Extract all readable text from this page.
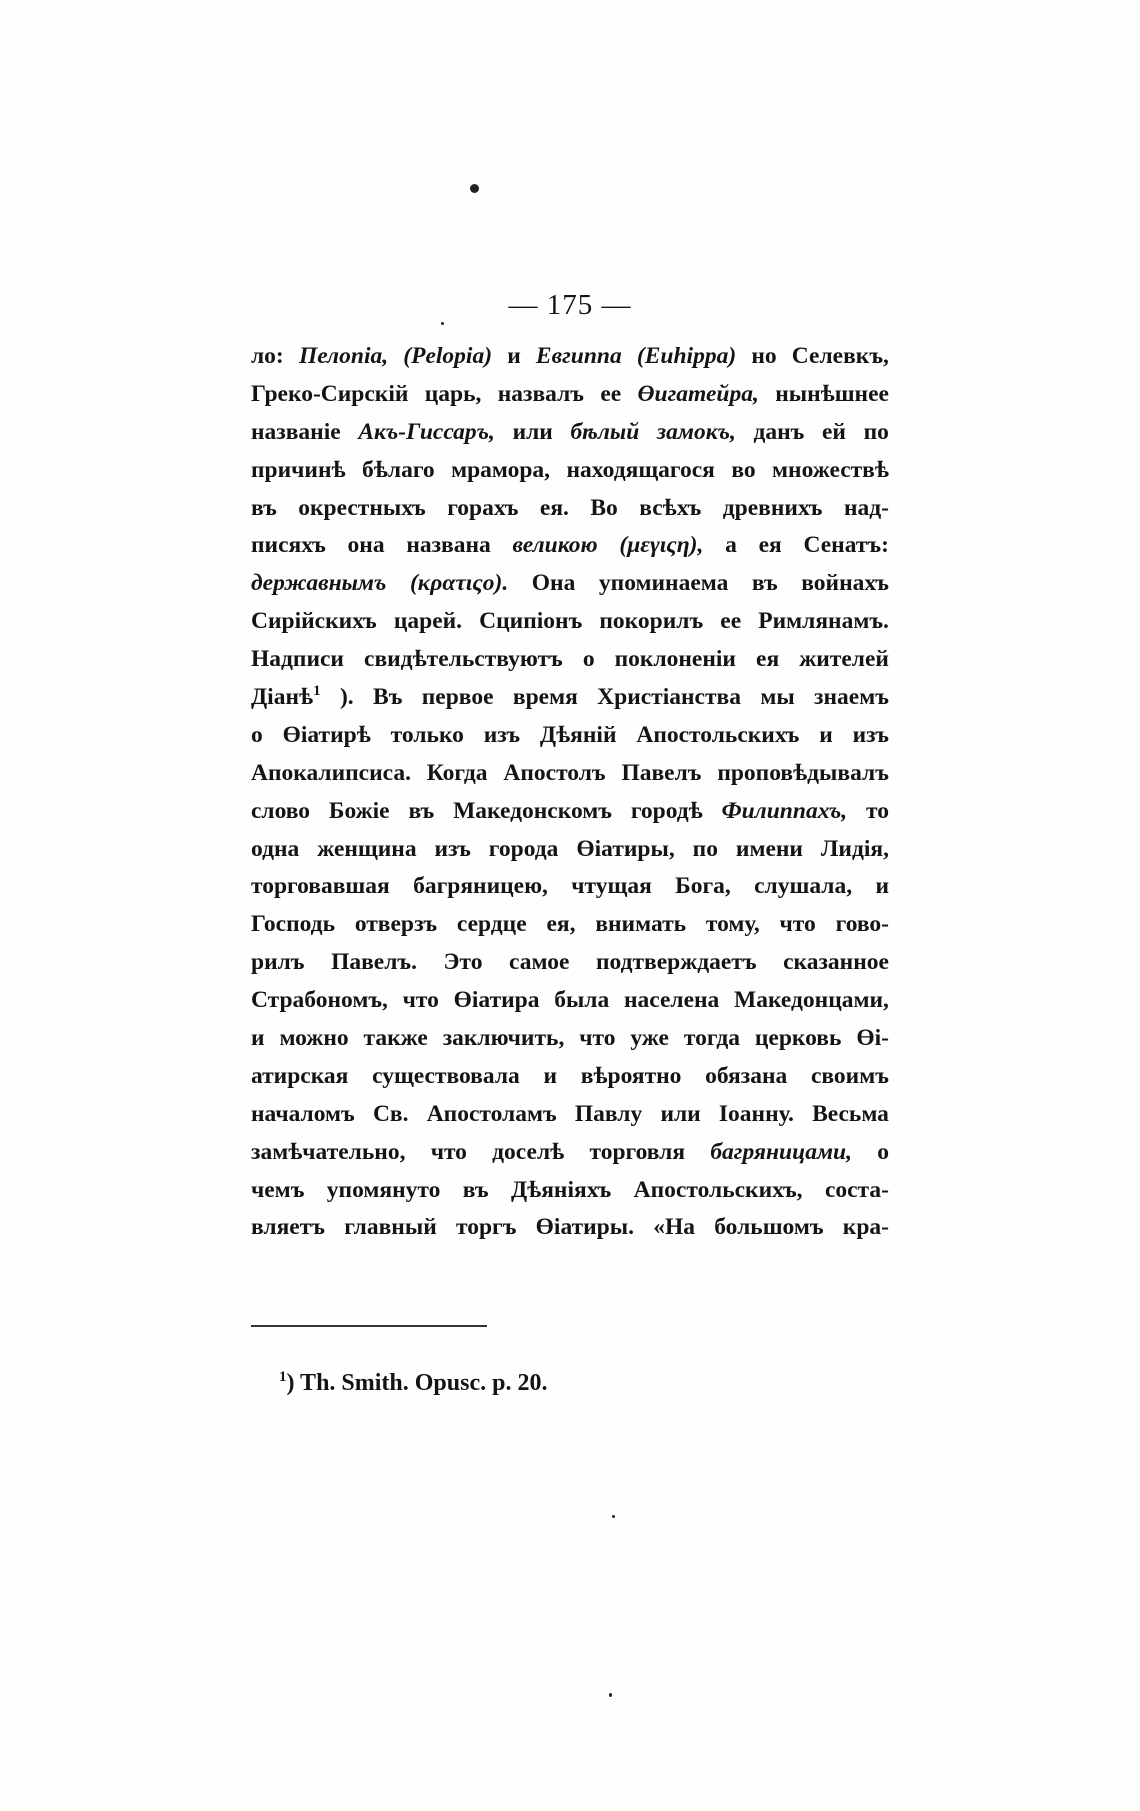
— 175 —
ло: Пелопіа, (Pelopia) и Евгиппа (Euhippa) но Селевкъ,
Греко-Сирскій царь, назвалъ ее Өигатейра, нынѣшнее
названіе Акъ-Гиссаръ, или бѣлый замокъ, данъ ей по
причинѣ бѣлаго мрамора, находящагося во множествѣ
въ окрестныхъ горахъ ея. Во всѣхъ древнихъ над-
писяхъ она названа великою (μεγιςη), а ея Сенатъ:
державнымъ (κρατιςο). Она упоминаема въ войнахъ
Сирійскихъ царей. Сципіонъ покорилъ ее Римлянамъ.
Надписи свидѣтельствуютъ о поклоненіи ея жителей
Діанѣ$^1$ ). Въ первое время Христіанства мы знаемъ
о Өіатирѣ только изъ Дѣяній Апостольскихъ и изъ
Апокалипсиса. Когда Апостолъ Павелъ проповѣдывалъ
слово Божіе въ Македонскомъ городѣ Филиппахъ, то
одна женщина изъ города Өіатиры, по имени Лидія,
торговавшая багряницею, чтущая Бога, слушала, и
Господь отверзъ сердце ея, внимать тому, что гово-
рилъ Павелъ. Это самое подтверждаетъ сказанное
Страбономъ, что Өіатира была населена Македонцами,
и можно также заключить, что уже тогда церковь Өі-
атирская существовала и вѣроятно обязана своимъ
началомъ Св. Апостоламъ Павлу или Іоанну. Весьма
замѣчательно, что доселѣ торговля багряницами, о
чемъ упомянуто въ Дѣяніяхъ Апостольскихъ, соста-
вляетъ главный торгъ Өіатиры. «На большомъ кра-
$^1$) Th. Smith. Opusc. p. 20.
